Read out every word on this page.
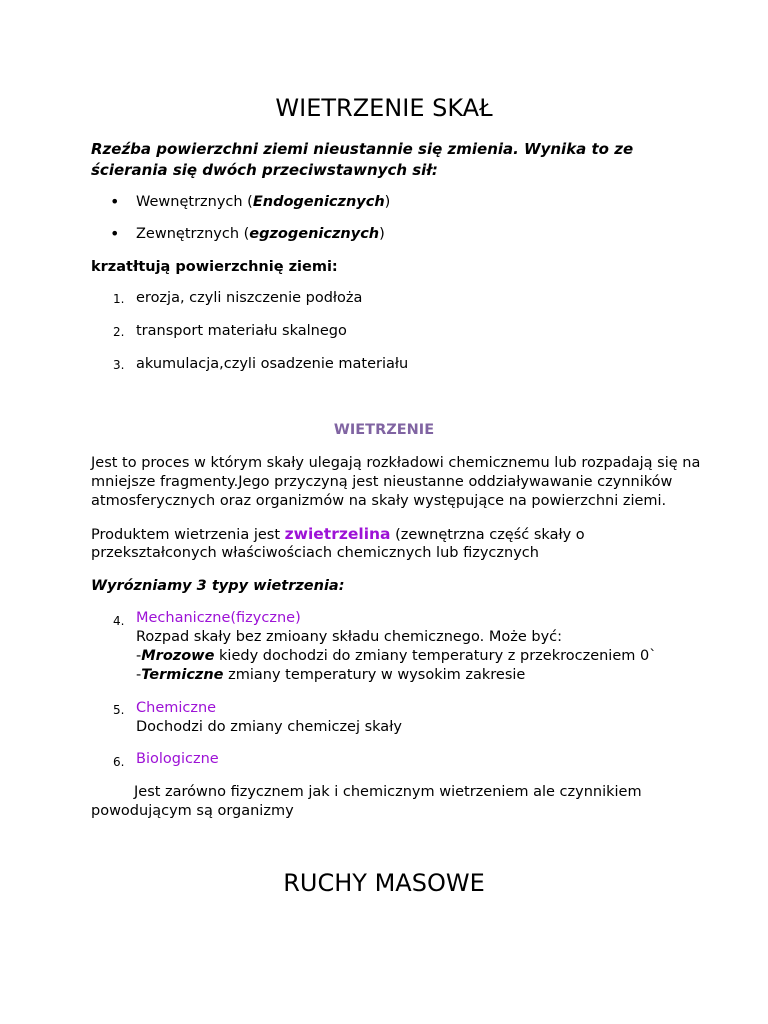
WIETRZENIE SKAŁ
Rzeźba powierzchni ziemi nieustannie się zmienia. Wynika to ze
ścierania się dwóch przeciwstawnych sił:
• Wewnętrznych (Endogenicznych)
• Zewnętrznych (egzogenicznych)
krzatłtują powierzchnię ziemi:
1. erozja, czyli niszczenie podłoża
2. transport materiału skalnego
3. akumulacja,czyli osadzenie materiału
WIETRZENIE
Jest to proces w którym skały ulegają rozkładowi chemicznemu lub rozpadają się na
mniejsze fragmenty.Jego przyczyną jest nieustanne oddziaływawanie czynników
atmosferycznych oraz organizmów na skały występujące na powierzchni ziemi.
Produktem wietrzenia jest zwietrzelina (zewnętrzna część skały o
przekształconych właściwościach chemicznych lub fizycznych
Wyrózniamy 3 typy wietrzenia:
4. Mechaniczne(fizyczne)
Rozpad skały bez zmioany składu chemicznego. Może być:
-Mrozowe kiedy dochodzi do zmiany temperatury z przekroczeniem 0`
-Termiczne zmiany temperatury w wysokim zakresie
5. Chemiczne
Dochodzi do zmiany chemiczej skały
6. Biologiczne
Jest zarówno fizycznem jak i chemicznym wietrzeniem ale czynnikiem
powodującym są organizmy
RUCHY MASOWE
